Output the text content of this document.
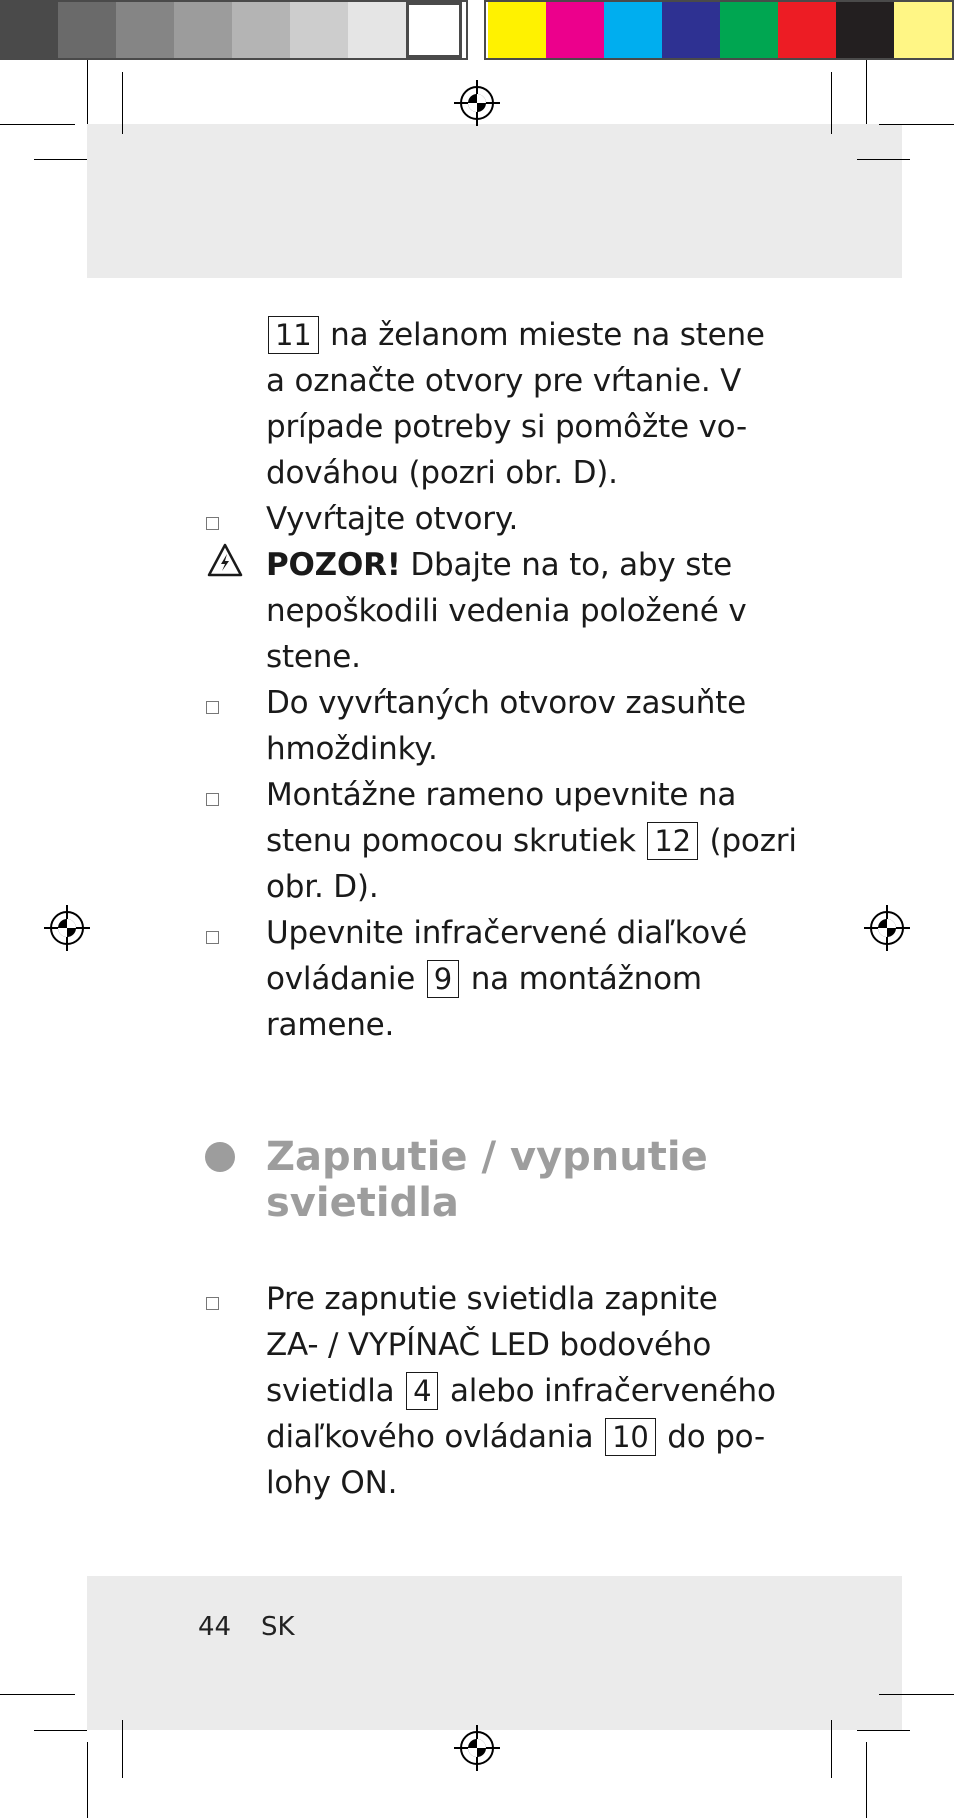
11 na želanom mieste na stene
a označte otvory pre vŕtanie. V
prípade potreby si pomôžte vo-
dováhou (pozri obr. D).
Vyvŕtajte otvory.
POZOR! Dbajte na to, aby ste
nepoškodili vedenia položené v
stene.
Do vyvŕtaných otvorov zasuňte
hmoždinky.
Montážne rameno upevnite na
stenu pomocou skrutiek 12 (pozri
obr. D).
Upevnite infračervené diaľkové
ovládanie 9 na montážnom
ramene.
Zapnutie / vypnutie
svietidla
Pre zapnutie svietidla zapnite
ZA- / VYPÍNAČ LED bodového
svietidla 4 alebo infračerveného
diaľkového ovládania 10 do po-
lohy ON.
44 SK
